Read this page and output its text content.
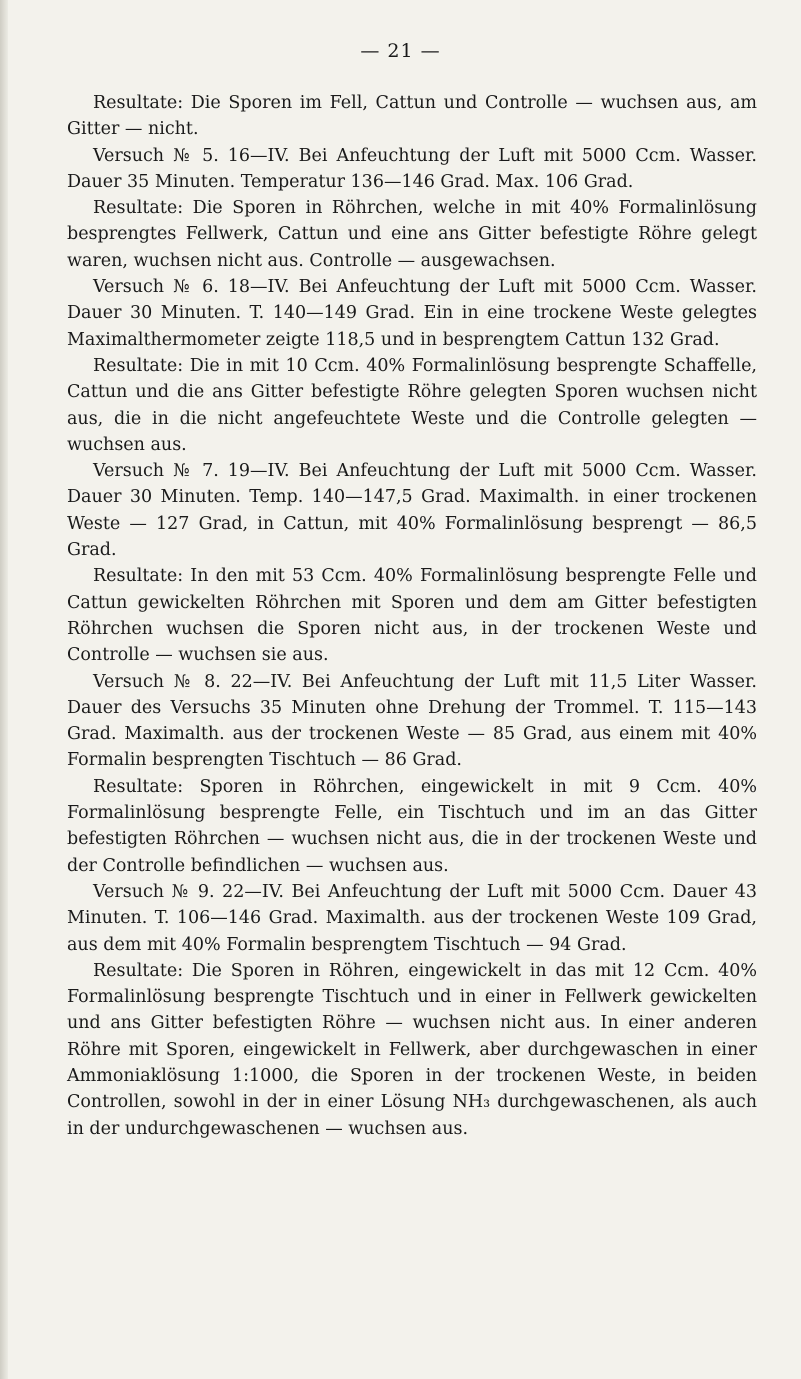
— 21 —

Resultate: Die Sporen im Fell, Cattun und Controlle — wuchsen aus, am Gitter — nicht.

Versuch № 5. 16—IV. Bei Anfeuchtung der Luft mit 5000 Ccm. Wasser. Dauer 35 Minuten. Temperatur 136—146 Grad. Max. 106 Grad.

Resultate: Die Sporen in Röhrchen, welche in mit 40% Formalinlösung besprengtes Fellwerk, Cattun und eine ans Gitter befestigte Röhre gelegt waren, wuchsen nicht aus. Controlle — ausgewachsen.

Versuch № 6. 18—IV. Bei Anfeuchtung der Luft mit 5000 Ccm. Wasser. Dauer 30 Minuten. T. 140—149 Grad. Ein in eine trockene Weste gelegtes Maximalthermometer zeigte 118,5 und in besprengtem Cattun 132 Grad.

Resultate: Die in mit 10 Ccm. 40% Formalinlösung besprengte Schaffelle, Cattun und die ans Gitter befestigte Röhre gelegten Sporen wuchsen nicht aus, die in die nicht angefeuchtete Weste und die Controlle gelegten — wuchsen aus.

Versuch № 7. 19—IV. Bei Anfeuchtung der Luft mit 5000 Ccm. Wasser. Dauer 30 Minuten. Temp. 140—147,5 Grad. Maximalth. in einer trockenen Weste — 127 Grad, in Cattun, mit 40% Formalinlösung besprengt — 86,5 Grad.

Resultate: In den mit 53 Ccm. 40% Formalinlösung besprengte Felle und Cattun gewickelten Röhrchen mit Sporen und dem am Gitter befestigten Röhrchen wuchsen die Sporen nicht aus, in der trockenen Weste und Controlle — wuchsen sie aus.

Versuch № 8. 22—IV. Bei Anfeuchtung der Luft mit 11,5 Liter Wasser. Dauer des Versuchs 35 Minuten ohne Drehung der Trommel. T. 115—143 Grad. Maximalth. aus der trockenen Weste — 85 Grad, aus einem mit 40% Formalin besprengten Tischtuch — 86 Grad.

Resultate: Sporen in Röhrchen, eingewickelt in mit 9 Ccm. 40% Formalinlösung besprengte Felle, ein Tischtuch und im an das Gitter befestigten Röhrchen — wuchsen nicht aus, die in der trockenen Weste und der Controlle befindlichen — wuchsen aus.

Versuch № 9. 22—IV. Bei Anfeuchtung der Luft mit 5000 Ccm. Dauer 43 Minuten. T. 106—146 Grad. Maximalth. aus der trockenen Weste 109 Grad, aus dem mit 40% Formalin besprengtem Tischtuch — 94 Grad.

Resultate: Die Sporen in Röhren, eingewickelt in das mit 12 Ccm. 40% Formalinlösung besprengte Tischtuch und in einer in Fellwerk gewickelten und ans Gitter befestigten Röhre — wuchsen nicht aus. In einer anderen Röhre mit Sporen, eingewickelt in Fellwerk, aber durchgewaschen in einer Ammoniaklösung 1:1000, die Sporen in der trockenen Weste, in beiden Controllen, sowohl in der in einer Lösung NH₃ durchgewaschenen, als auch in der undurchgewaschenen — wuchsen aus.
